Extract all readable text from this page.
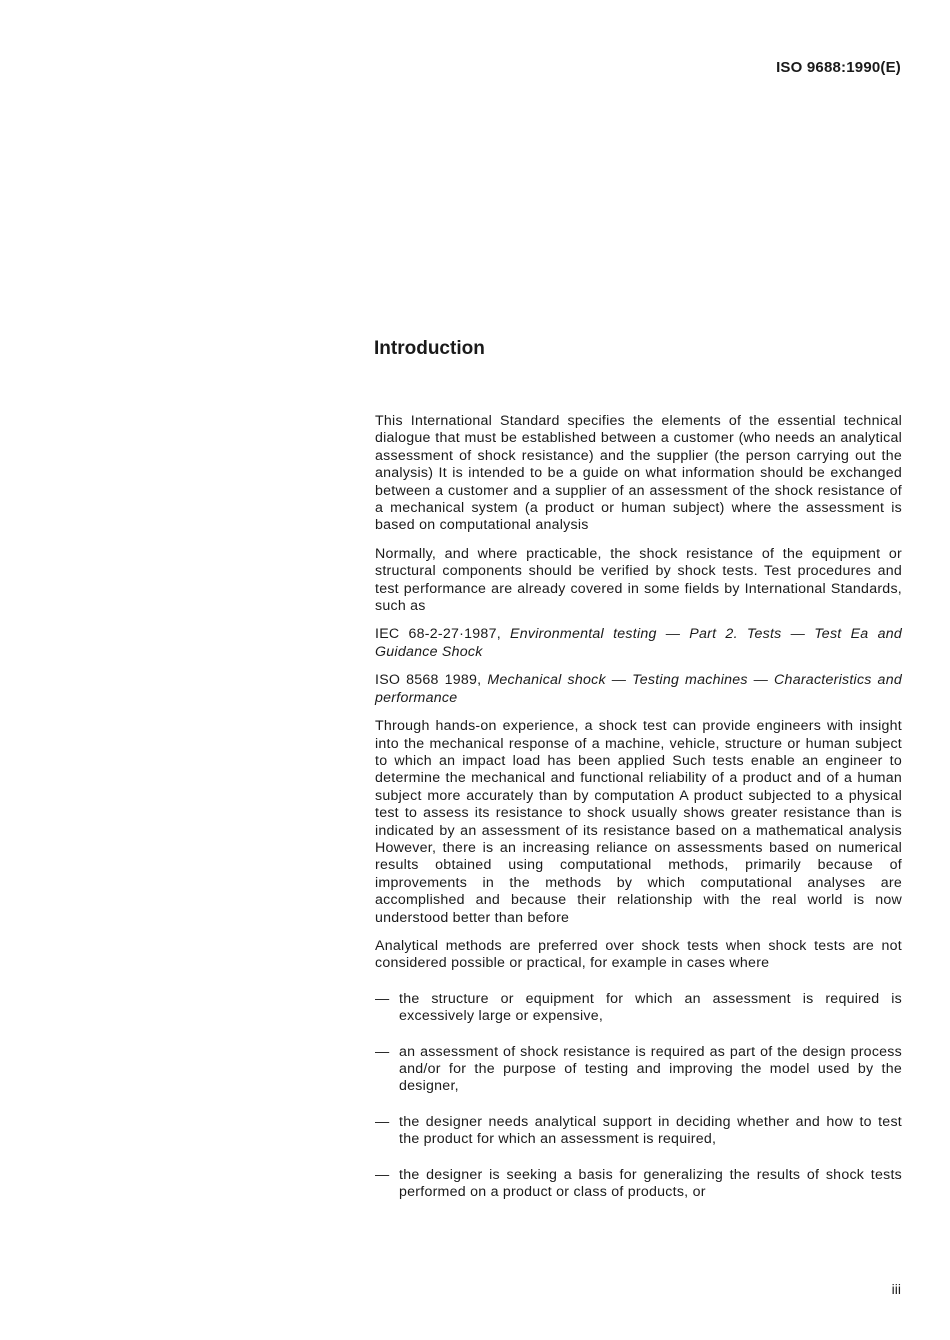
ISO 9688:1990(E)

Introduction

This International Standard specifies the elements of the essential technical dialogue that must be established between a customer (who needs an analytical assessment of shock resistance) and the supplier (the person carrying out the analysis) It is intended to be a guide on what information should be exchanged between a customer and a supplier of an assessment of the shock resistance of a mechanical system (a product or human subject) where the assessment is based on computational analysis

Normally, and where practicable, the shock resistance of the equipment or structural components should be verified by shock tests. Test procedures and test performance are already covered in some fields by International Standards, such as

IEC 68-2-27·1987, Environmental testing — Part 2. Tests — Test Ea and Guidance Shock

ISO 8568 1989, Mechanical shock — Testing machines — Characteristics and performance

Through hands-on experience, a shock test can provide engineers with insight into the mechanical response of a machine, vehicle, structure or human subject to which an impact load has been applied Such tests enable an engineer to determine the mechanical and functional reliability of a product and of a human subject more accurately than by computation A product subjected to a physical test to assess its resistance to shock usually shows greater resistance than is indicated by an assessment of its resistance based on a mathematical analysis However, there is an increasing reliance on assessments based on numerical results obtained using computational methods, primarily because of improvements in the methods by which computational analyses are accomplished and because their relationship with the real world is now understood better than before

Analytical methods are preferred over shock tests when shock tests are not considered possible or practical, for example in cases where

— the structure or equipment for which an assessment is required is excessively large or expensive,
— an assessment of shock resistance is required as part of the design process and/or for the purpose of testing and improving the model used by the designer,
— the designer needs analytical support in deciding whether and how to test the product for which an assessment is required,
— the designer is seeking a basis for generalizing the results of shock tests performed on a product or class of products, or

iii
